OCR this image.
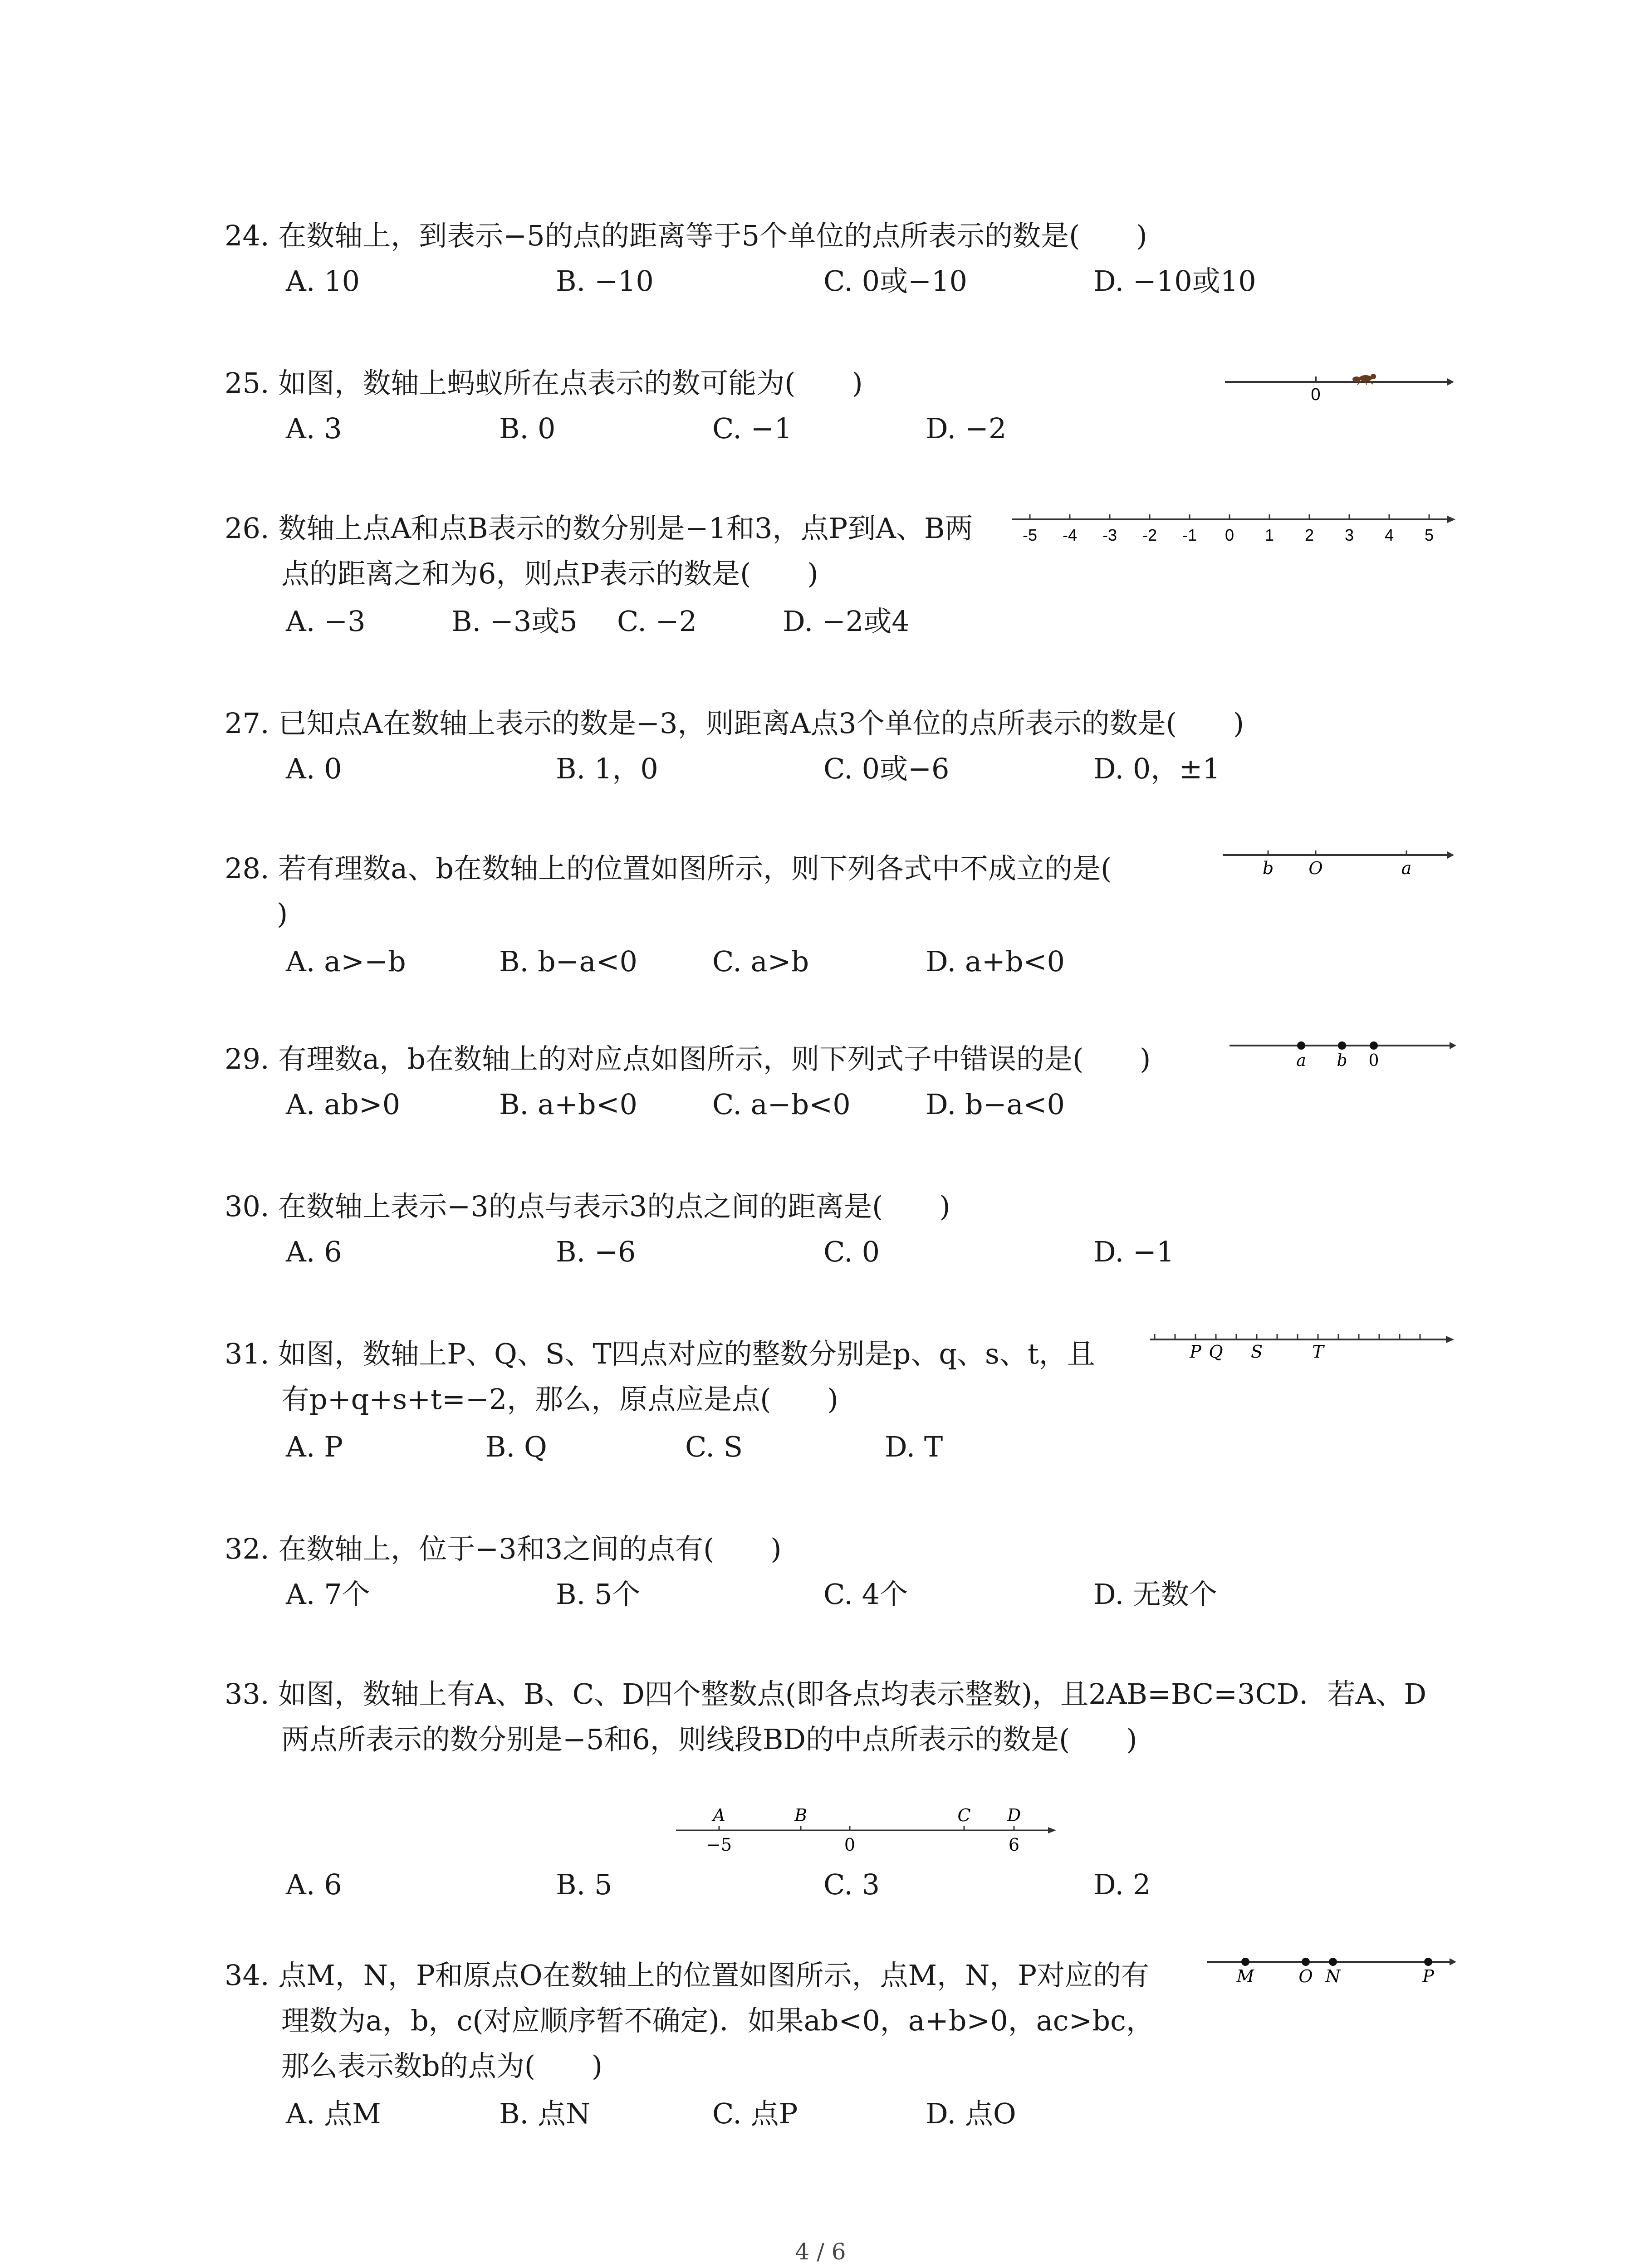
24. 在数轴上，到表示−5的点的距离等于5个单位的点所表示的数是(　　)
A. 10	B. −10	C. 0或−10	D. −10或10
25. 如图，数轴上蚂蚁所在点表示的数可能为(　　)
A. 3	B. 0	C. −1	D. −2
0
26. 数轴上点A和点B表示的数分别是−1和3，点P到A、B两
点的距离之和为6，则点P表示的数是(　　)
A. −3	B. −3或5 C. −2	D. −2或4
-5 -4 -3 -2 -1 0 1 2 3 4 5
27. 已知点A在数轴上表示的数是−3，则距离A点3个单位的点所表示的数是(　　)
A. 0	B. 1，0	C. 0或−6	D. 0，±1
28. 若有理数a、b在数轴上的位置如图所示，则下列各式中不成立的是(
)
A. a>−b	B. b−a<0	C. a>b	D. a+b<0
b O	a
29. 有理数a，b在数轴上的对应点如图所示，则下列式子中错误的是(　　)
A. ab>0	B. a+b<0	C. a−b<0	D. b−a<0
a b 0
30. 在数轴上表示−3的点与表示3的点之间的距离是(　　)
A. 6	B. −6	C. 0	D. −1
31. 如图，数轴上P、Q、S、T四点对应的整数分别是p、q、s、t，且
有p+q+s+t=−2，那么，原点应是点(　　)
A. P	B. Q	C. S	D. T
P Q S	T
32. 在数轴上，位于−3和3之间的点有(　　)
A. 7个	B. 5个	C. 4个	D. 无数个
33. 如图，数轴上有A、B、C、D四个整数点(即各点均表示整数)，且2AB=BC=3CD．若A、D
两点所表示的数分别是−5和6，则线段BD的中点所表示的数是(　　)
A. 6	B. 5	C. 3	D. 2
A	B	C D
−5	0	6
34. 点M，N，P和原点O在数轴上的位置如图所示，点M，N，P对应的有
理数为a，b，c(对应顺序暂不确定)．如果ab<0，a+b>0，ac>bc，
那么表示数b的点为(　　)
A. 点M	B. 点N	C. 点P	D. 点O
M	O N	P
4 / 6
